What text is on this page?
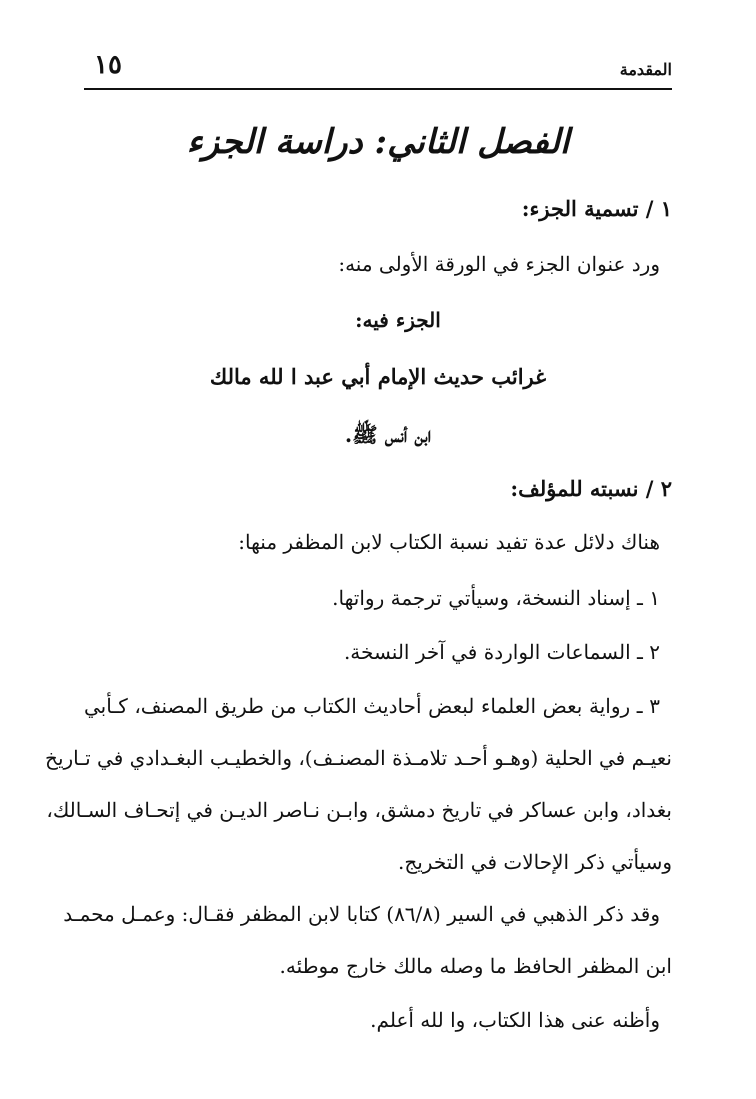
المقدمة
١٥
الفصل الثاني: دراسة الجزء
١ / تسمية الجزء:
ورد عنوان الجزء في الورقة الأولى منه:
الجزء فيه:
غرائب حديث الإمام أبي عبد ا لله مالك
ابن أنس ﷺ.
٢ / نسبته للمؤلف:
هناك دلائل عدة تفيد نسبة الكتاب لابن المظفر منها:
١ ـ إسناد النسخة، وسيأتي ترجمة رواتها.
٢ ـ السماعات الواردة في آخر النسخة.
٣ ـ رواية بعض العلماء لبعض أحاديث الكتاب من طريق المصنف، كـأبي
نعيـم في الحلية (وهـو أحـد تلامـذة المصنـف)، والخطيـب البغـدادي في تـاريخ
بغداد، وابن عساكر في تاريخ دمشق، وابـن نـاصر الديـن في إتحـاف السـالك،
وسيأتي ذكر الإحالات في التخريج.
وقد ذكر الذهبي في السير (٨٦/٨) كتابا لابن المظفر فقـال: وعمـل محمـد
ابن المظفر الحافظ ما وصله مالك خارج موطئه.
وأظنه عنى هذا الكتاب، وا لله أعلم.
